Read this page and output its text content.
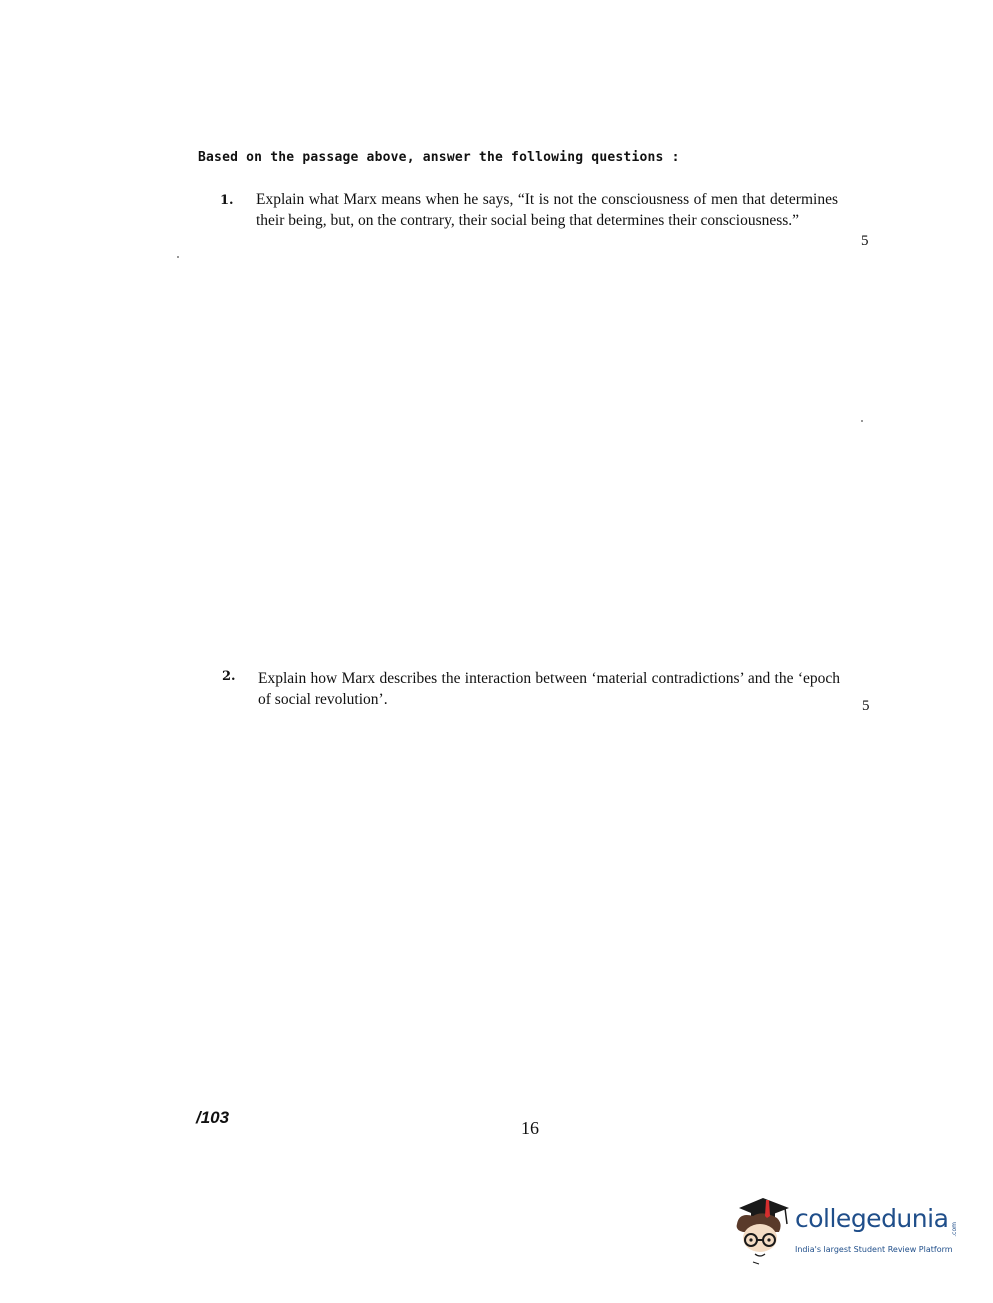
Based on the passage above, answer the following questions :
1. Explain what Marx means when he says, “It is not the consciousness of men that determines their being, but, on the contrary, their social being that determines their consciousness.”
5
2. Explain how Marx describes the interaction between ‘material contradictions’ and the ‘epoch of social revolution’.	5
/103
16
collegedunia .com
India's largest Student Review Platform
